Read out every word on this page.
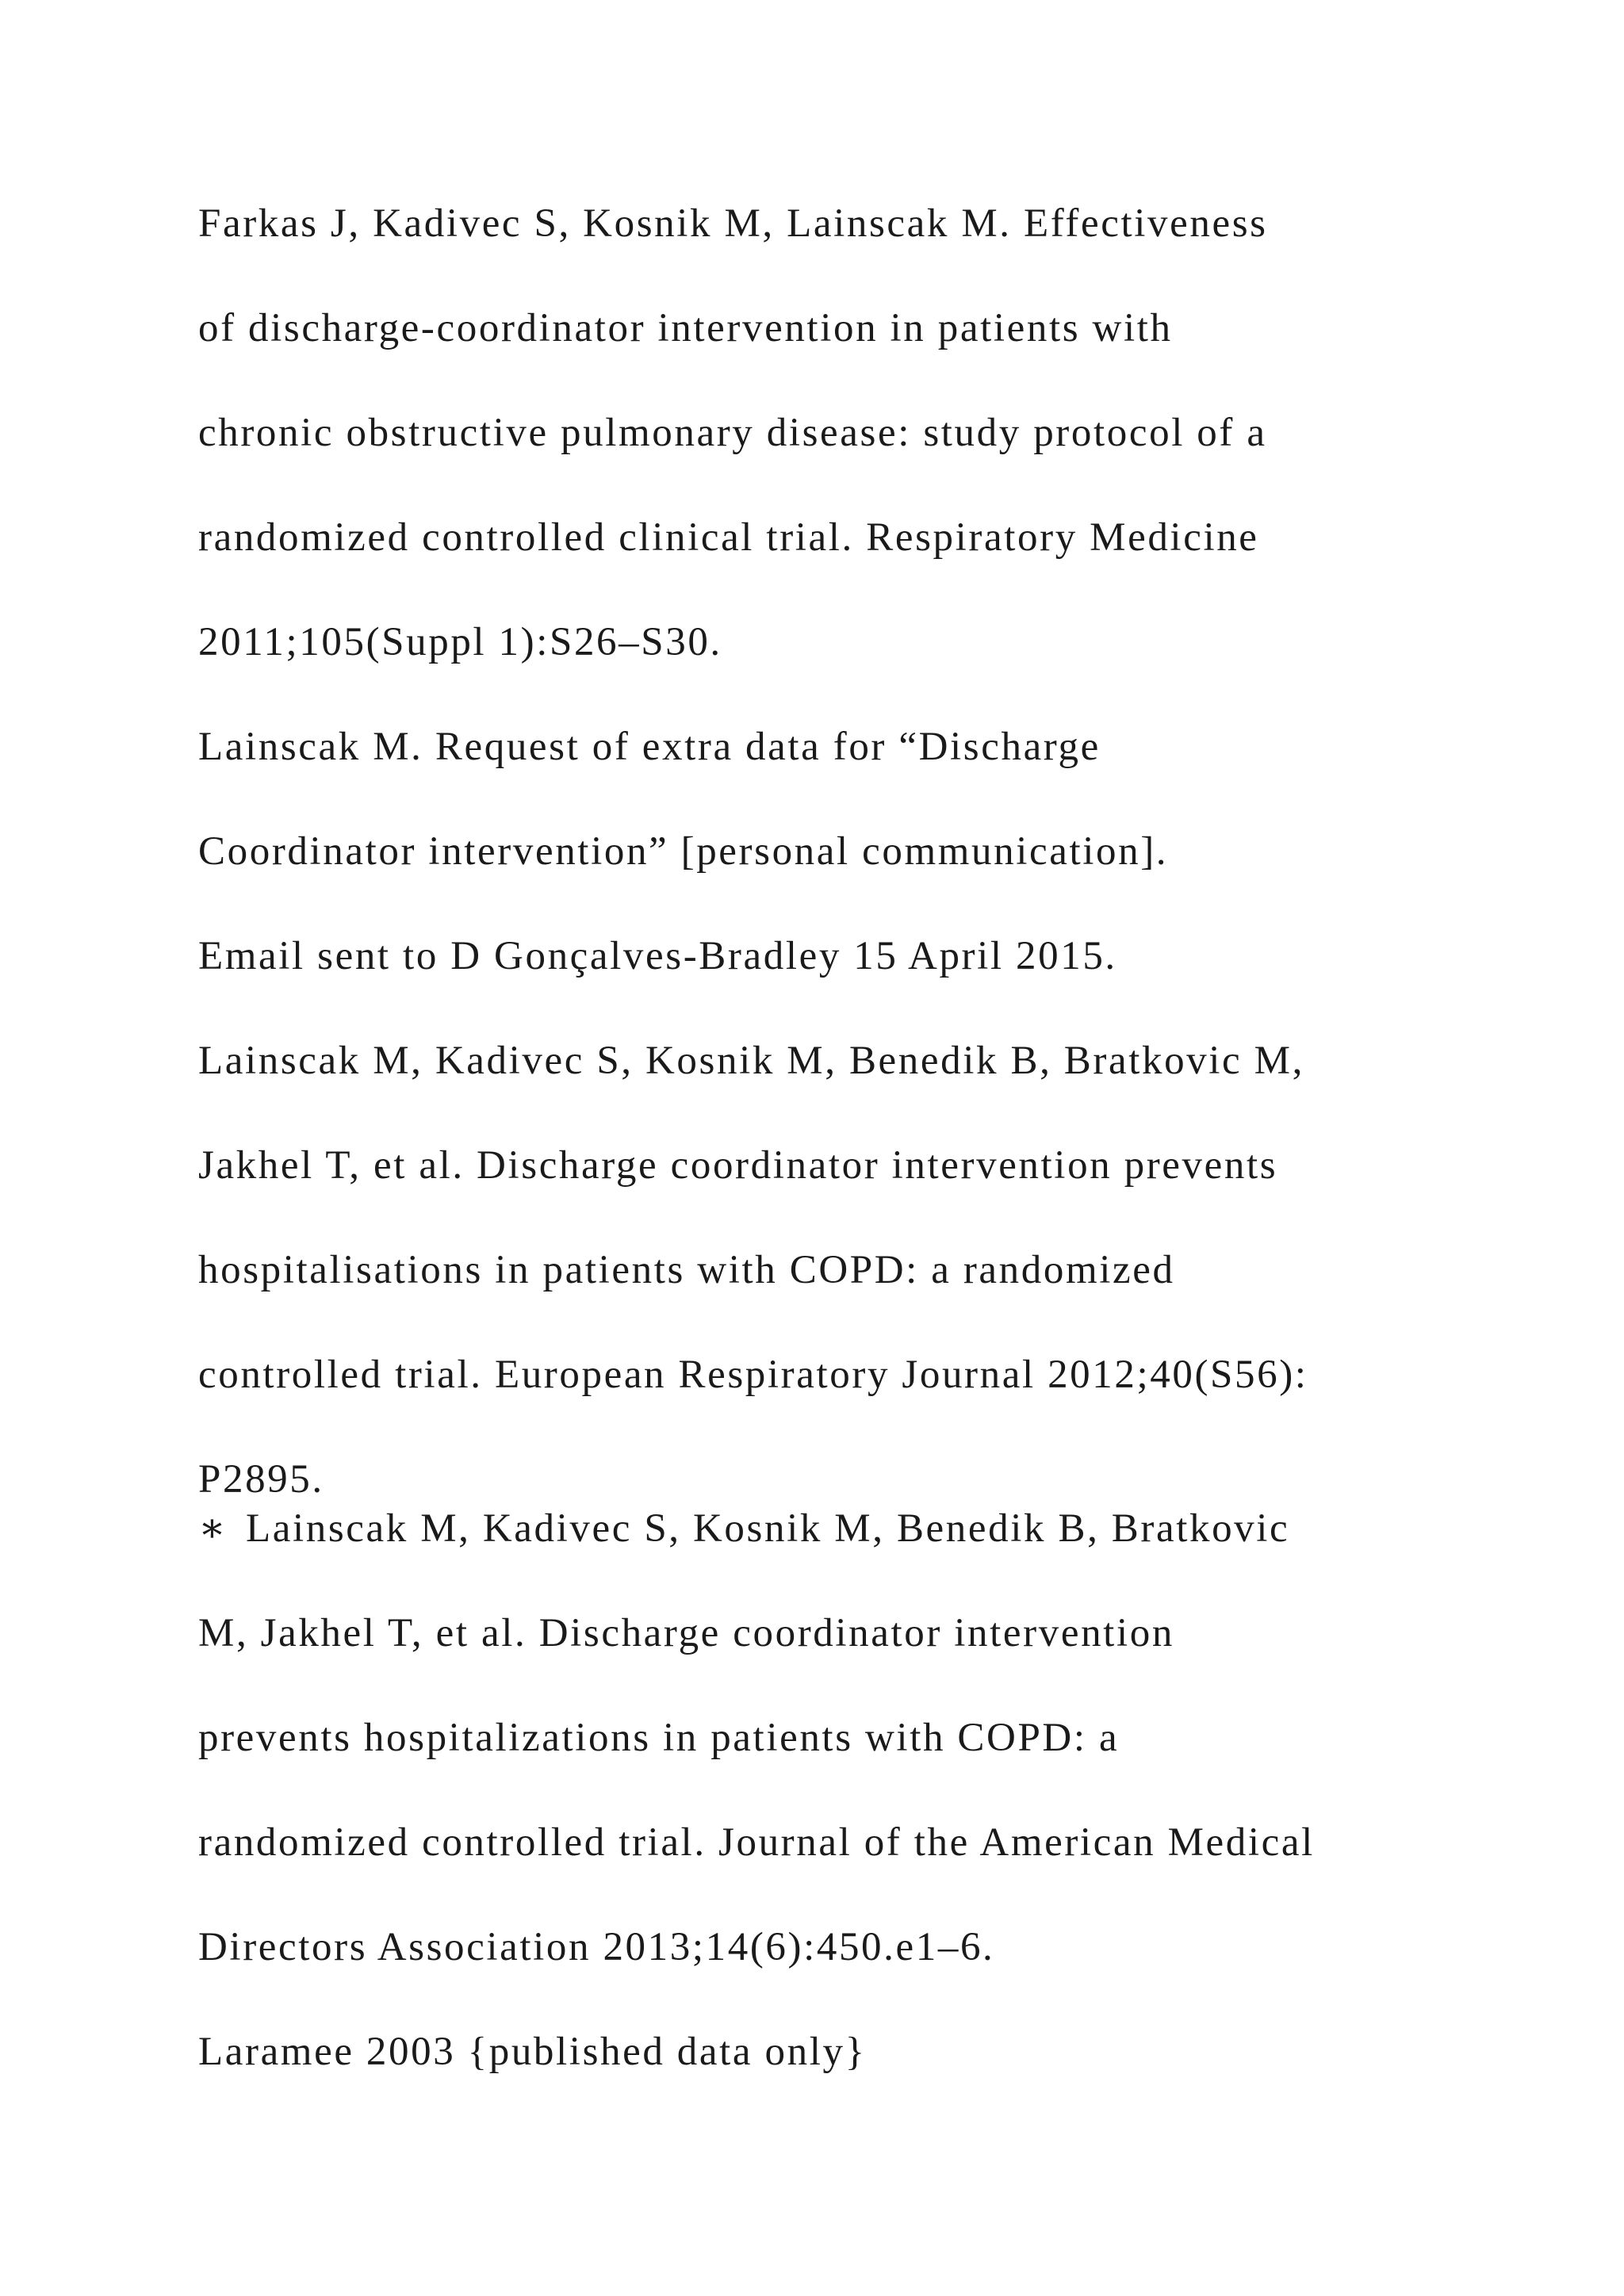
Farkas J, Kadivec S, Kosnik M, Lainscak M. Effectiveness

of discharge-coordinator intervention in patients with

chronic obstructive pulmonary disease: study protocol of a

randomized controlled clinical trial. Respiratory Medicine

2011;105(Suppl 1):S26–S30.

Lainscak M. Request of extra data for “Discharge

Coordinator intervention” [personal communication].

Email sent to D Gonçalves-Bradley 15 April 2015.

Lainscak M, Kadivec S, Kosnik M, Benedik B, Bratkovic M,

Jakhel T, et al. Discharge coordinator intervention prevents

hospitalisations in patients with COPD: a randomized

controlled trial. European Respiratory Journal 2012;40(S56):

P2895.

∗ Lainscak M, Kadivec S, Kosnik M, Benedik B, Bratkovic

M, Jakhel T, et al. Discharge coordinator intervention

prevents hospitalizations in patients with COPD: a

randomized controlled trial. Journal of the American Medical

Directors Association 2013;14(6):450.e1–6.

Laramee 2003 {published data only}
